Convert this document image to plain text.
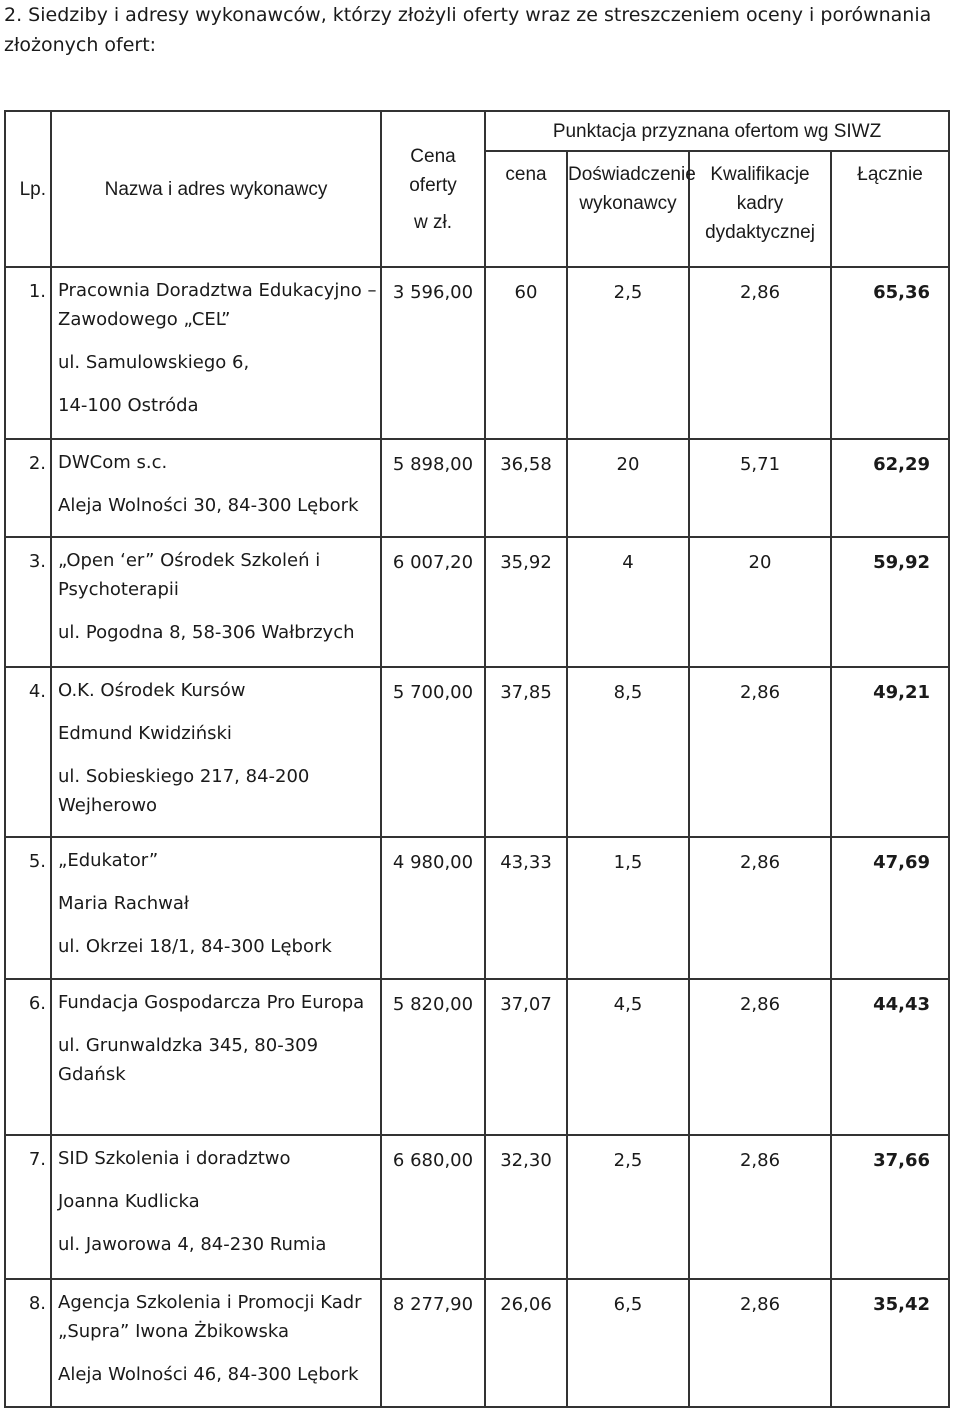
2. Siedziby i adresy wykonawców, którzy złożyli oferty wraz ze streszczeniem oceny i porównania złożonych ofert:
Lp.	Nazwa i adres wykonawcy	Cena
oferty
w zł.	Punktacja przyznana ofertom wg SIWZ			
			cena	Doświadczenie wykonawcy	Kwalifikacje kadry dydaktycznej	Łącznie
1.	Pracownia Doradztwa Edukacyjno – Zawodowego „CEL”
ul. Samulowskiego 6,
14-100 Ostróda	3 596,00	60	2,5	2,86	65,36
2.	DWCom s.c.
Aleja Wolności 30, 84-300 Lębork	5 898,00	36,58	20	5,71	62,29
3.	„Open ‘er” Ośrodek Szkoleń i Psychoterapii
ul. Pogodna 8, 58-306 Wałbrzych	6 007,20	35,92	4	20	59,92
4.	O.K. Ośrodek Kursów
Edmund Kwidziński
ul. Sobieskiego 217, 84-200 Wejherowo	5 700,00	37,85	8,5	2,86	49,21
5.	„Edukator”
Maria Rachwał
ul. Okrzei 18/1, 84-300 Lębork	4 980,00	43,33	1,5	2,86	47,69
6.	Fundacja Gospodarcza Pro Europa
ul. Grunwaldzka 345, 80-309 Gdańsk	5 820,00	37,07	4,5	2,86	44,43
7.	SID Szkolenia i doradztwo
Joanna Kudlicka
ul. Jaworowa 4, 84-230 Rumia	6 680,00	32,30	2,5	2,86	37,66
8.	Agencja Szkolenia i Promocji Kadr „Supra” Iwona Żbikowska
Aleja Wolności 46, 84-300 Lębork	8 277,90	26,06	6,5	2,86	35,42
